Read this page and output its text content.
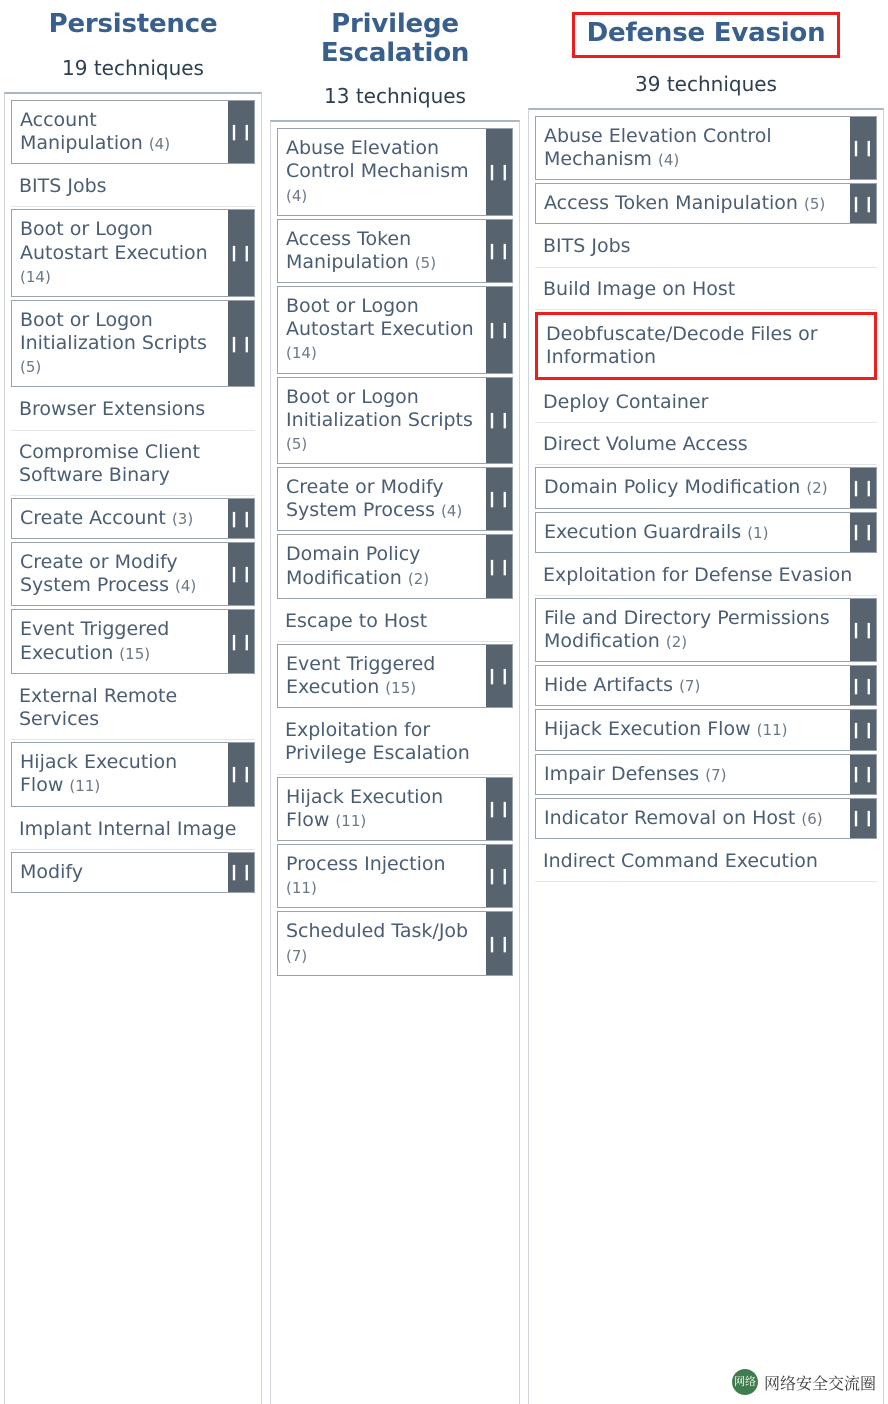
Persistence
19 techniques
Account Manipulation (4)
❙❙
BITS Jobs
Boot or Logon Autostart Execution (14)
❙❙
Boot or Logon Initialization Scripts (5)
❙❙
Browser Extensions
Compromise Client Software Binary
Create Account (3)	❙❙
Create or Modify System Process (4)
❙❙
Event Triggered Execution (15)
❙❙
External Remote Services
Hijack Execution Flow (11)
❙❙
Implant Internal Image
Modify	❙❙
Privilege Escalation
13 techniques
Abuse Elevation Control Mechanism (4)
❙❙
Access Token Manipulation (5)
❙❙
Boot or Logon Autostart Execution (14)
❙❙
Boot or Logon Initialization Scripts (5)
❙❙
Create or Modify System Process (4)
❙❙
Domain Policy Modification (2)
❙❙
Escape to Host
Event Triggered Execution (15)
❙❙
Exploitation for Privilege Escalation
Hijack Execution Flow (11)
❙❙
Process Injection (11)
❙❙
Scheduled Task/Job (7)
❙❙
Defense Evasion
39 techniques
Abuse Elevation Control Mechanism (4)
❙❙
Access Token Manipulation (5)	❙❙
BITS Jobs
Build Image on Host
Deobfuscate/Decode Files or Information
Deploy Container
Direct Volume Access
Domain Policy Modification (2)	❙❙
Execution Guardrails (1)	❙❙
Exploitation for Defense Evasion
File and Directory Permissions Modification (2)
❙❙
Hide Artifacts (7)	❙❙
Hijack Execution Flow (11)	❙❙
Impair Defenses (7)	❙❙
Indicator Removal on Host (6)	❙❙
Indirect Command Execution
网络 网络安全交流圈
